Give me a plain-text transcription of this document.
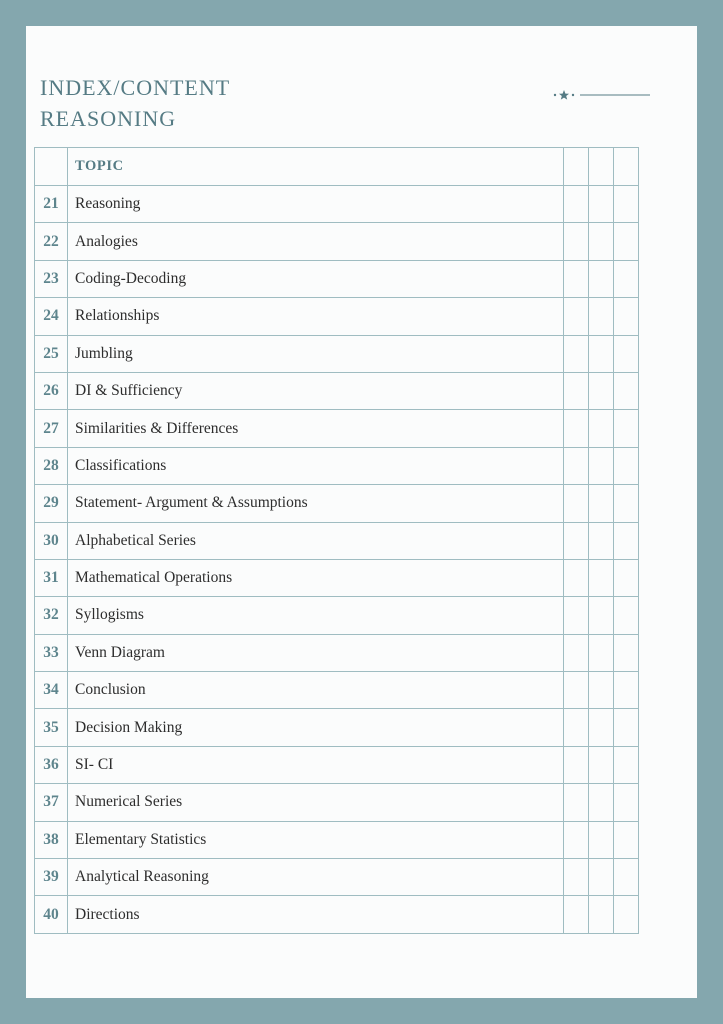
INDEX/CONTENT
REASONING
	TOPIC			
21	Reasoning			
22	Analogies			
23	Coding-Decoding			
24	Relationships			
25	Jumbling			
26	DI & Sufficiency			
27	Similarities & Differences			
28	Classifications			
29	Statement- Argument & Assumptions			
30	Alphabetical Series			
31	Mathematical Operations			
32	Syllogisms			
33	Venn Diagram			
34	Conclusion			
35	Decision Making			
36	SI- CI			
37	Numerical Series			
38	Elementary Statistics			
39	Analytical Reasoning			
40	Directions			
